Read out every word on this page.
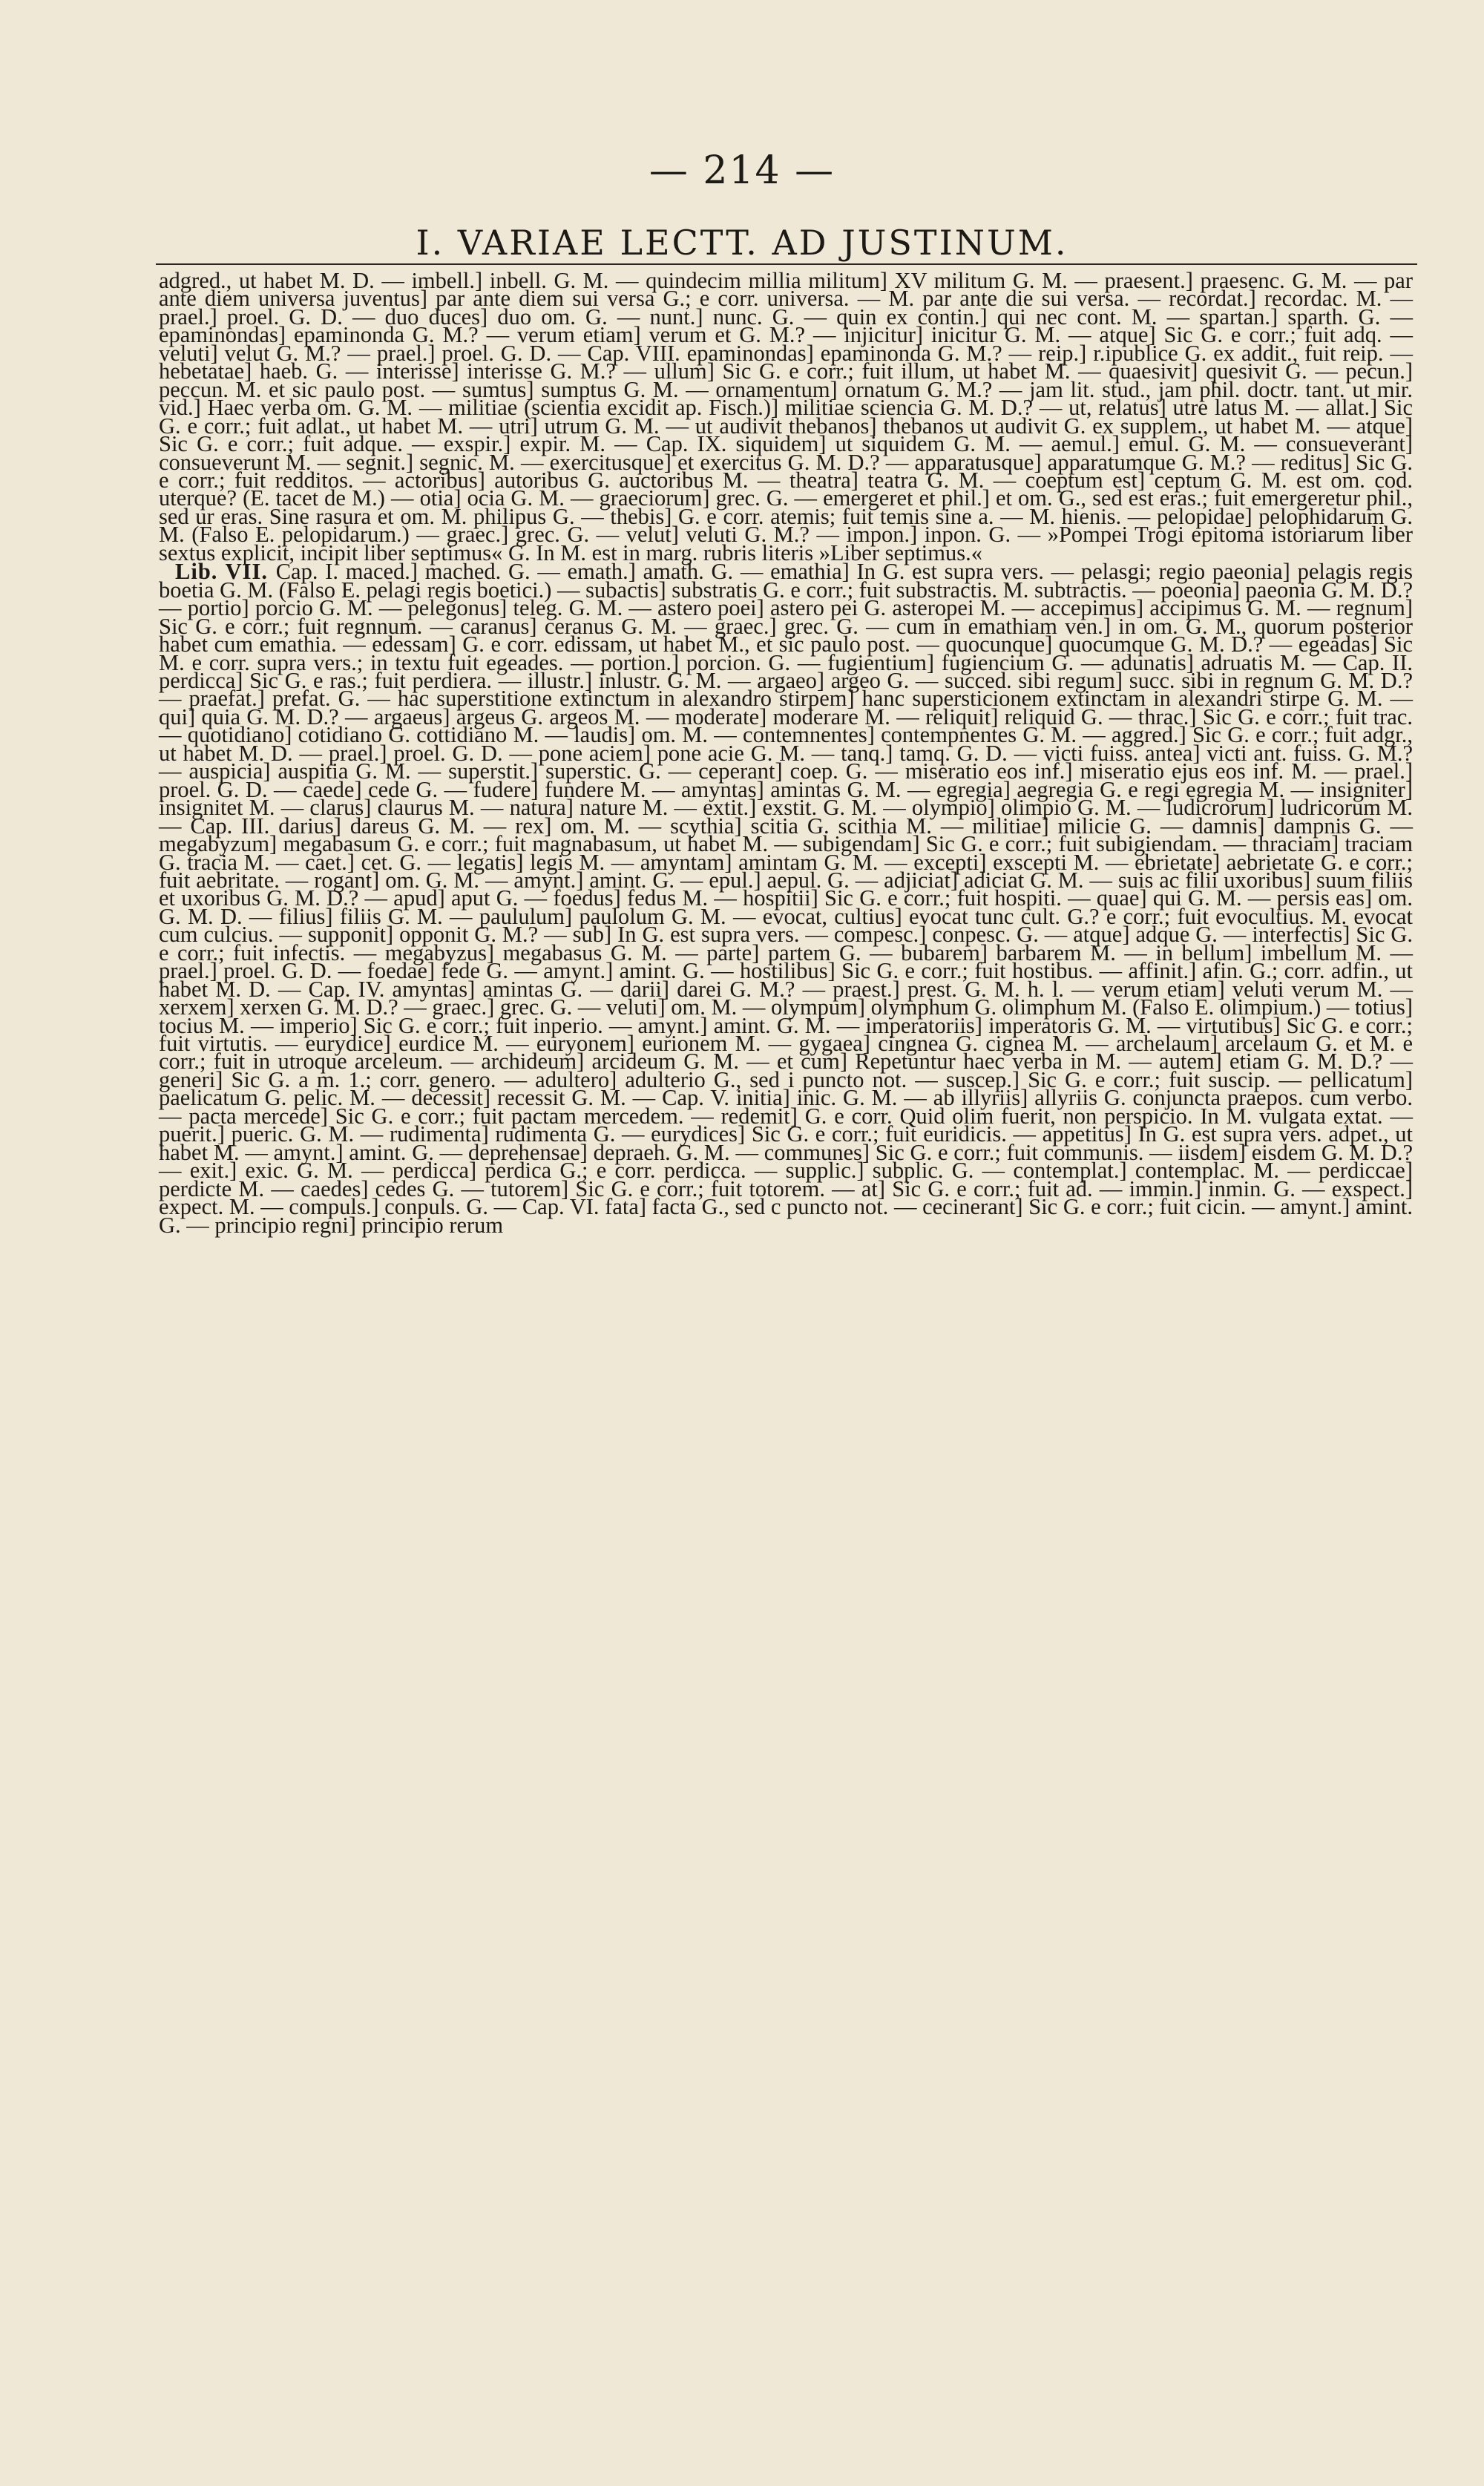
— 214 —
I. VARIAE LECTT. AD JUSTINUM.

adgred., ut habet M. D. — imbell.] inbell. G. M. — quindecim millia militum] XV militum G. M. — praesent.] praesenc. G. M. — par ante diem universa juventus] par ante diem sui versa G.; e corr. universa. — M. par ante die sui versa. — recordat.] recordac. M. — prael.] proel. G. D. — duo duces] duo om. G. — nunt.] nunc. G. — quin ex contin.] qui nec cont. M. — spartan.] sparth. G. — epaminondas] epaminonda G. M.? — verum etiam] verum et G. M.? — injicitur] inicitur G. M. — atque] Sic G. e corr.; fuit adq. — veluti] velut G. M.? — prael.] proel. G. D. — Cap. VIII. epaminondas] epaminonda G. M.? — reip.] r.ipublice G. ex addit., fuit reip. — hebetatae] haeb. G. — interisse] interisse G. M.? — ullum] Sic G. e corr.; fuit illum, ut habet M. — quaesivit] quesivit G. — pecun.] peccun. M. et sic paulo post. — sumtus] sumptus G. M. — ornamentum] ornatum G. M.? — jam lit. stud., jam phil. doctr. tant. ut mir. vid.] Haec verba om. G. M. — militiae (scientia excidit ap. Fisch.)] militiae sciencia G. M. D.? — ut, relatus] utre latus M. — allat.] Sic G. e corr.; fuit adlat., ut habet M. — utri] utrum G. M. — ut audivit thebanos] thebanos ut audivit G. ex supplem., ut habet M. — atque] Sic G. e corr.; fuit adque. — exspir.] expir. M. — Cap. IX. siquidem] ut siquidem G. M. — aemul.] emul. G. M. — consueverant] consueverunt M. — segnit.] segnic. M. — exercitusque] et exercitus G. M. D.? — apparatusque] apparatumque G. M.? — reditus] Sic G. e corr.; fuit redditos. — actoribus] autoribus G. auctoribus M. — theatra] teatra G. M. — coeptum est] ceptum G. M. est om. cod. uterque? (E. tacet de M.) — otia] ocia G. M. — graeciorum] grec. G. — emergeret et phil.] et om. G., sed est eras.; fuit emergeretur phil., sed ur eras. Sine rasura et om. M. philipus G. — thebis] G. e corr. atemis; fuit temis sine a. — M. hienis. — pelopidae] pelophidarum G. M. (Falso E. pelopidarum.) — graec.] grec. G. — velut] veluti G. M.? — impon.] inpon. G. — »Pompei Trogi epitoma istoriarum liber sextus explicit, incipit liber septimus« G. In M. est in marg. rubris literis »Liber septimus.«

Lib. VII. Cap. I. maced.] mached. G. — emath.] amath. G. — emathia] In G. est supra vers. — pelasgi; regio paeonia] pelagis regis boetia G. M. (Falso E. pelagi regis boetici.) — subactis] substratis G. e corr.; fuit substractis. M. subtractis. — poeonia] paeonia G. M. D.? — portio] porcio G. M. — pelegonus] teleg. G. M. — astero poei] astero pei G. asteropei M. — accepimus] accipimus G. M. — regnum] Sic G. e corr.; fuit regnnum. — caranus] ceranus G. M. — graec.] grec. G. — cum in emathiam ven.] in om. G. M., quorum posterior habet cum emathia. — edessam] G. e corr. edissam, ut habet M., et sic paulo post. — quocunque] quocumque G. M. D.? — egeadas] Sic M. e corr. supra vers.; in textu fuit egeades. — portion.] porcion. G. — fugientium] fugiencium G. — adunatis] adruatis M. — Cap. II. perdicca] Sic G. e ras.; fuit perdiera. — illustr.] inlustr. G. M. — argaeo] argeo G. — succed. sibi regum] succ. sibi in regnum G. M. D.? — praefat.] prefat. G. — hac superstitione extinctum in alexandro stirpem] hanc supersticionem extinctam in alexandri stirpe G. M. — qui] quia G. M. D.? — argaeus] argeus G. argeos M. — moderate] moderare M. — reliquit] reliquid G. — thrac.] Sic G. e corr.; fuit trac. — quotidiano] cotidiano G. cottidiano M. — laudis] om. M. — contemnentes] contempnentes G. M. — aggred.] Sic G. e corr.; fuit adgr., ut habet M. D. — prael.] proel. G. D. — pone aciem] pone acie G. M. — tanq.] tamq. G. D. — victi fuiss. antea] victi ant. fuiss. G. M.? — auspicia] auspitia G. M. — superstit.] superstic. G. — ceperant] coep. G. — miseratio eos inf.] miseratio ejus eos inf. M. — prael.] proel. G. D. — caede] cede G. — fudere] fundere M. — amyntas] amintas G. M. — egregia] aegregia G. e regi egregia M. — insigniter] insignitet M. — clarus] claurus M. — natura] nature M. — extit.] exstit. G. M. — olympio] olimpio G. M. — ludicrorum] ludricorum M. — Cap. III. darius] dareus G. M. — rex] om. M. — scythia] scitia G. scithia M. — militiae] milicie G. — damnis] dampnis G. — megabyzum] megabasum G. e corr.; fuit magnabasum, ut habet M. — subigendam] Sic G. e corr.; fuit subigiendam. — thraciam] traciam G. tracia M. — caet.] cet. G. — legatis] legis M. — amyntam] amintam G. M. — excepti] exscepti M. — ebrietate] aebrietate G. e corr.; fuit aebritate. — rogant] om. G. M. — amynt.] amint. G. — epul.] aepul. G. — adjiciat] adiciat G. M. — suis ac filii uxoribus] suum filiis et uxoribus G. M. D.? — apud] aput G. — foedus] fedus M. — hospitii] Sic G. e corr.; fuit hospiti. — quae] qui G. M. — persis eas] om. G. M. D. — filius] filiis G. M. — paululum] paulolum G. M. — evocat, cultius] evocat tunc cult. G.? e corr.; fuit evocultius. M. evocat cum culcius. — supponit] opponit G. M.? — sub] In G. est supra vers. — compesc.] conpesc. G. — atque] adque G. — interfectis] Sic G. e corr.; fuit infectis. — megabyzus] megabasus G. M. — parte] partem G. — bubarem] barbarem M. — in bellum] imbellum M. — prael.] proel. G. D. — foedae] fede G. — amynt.] amint. G. — hostilibus] Sic G. e corr.; fuit hostibus. — affinit.] afin. G.; corr. adfin., ut habet M. D. — Cap. IV. amyntas] amintas G. — darii] darei G. M.? — praest.] prest. G. M. h. l. — verum etiam] veluti verum M. — xerxem] xerxen G. M. D.? — graec.] grec. G. — veluti] om. M. — olympum] olymphum G. olimphum M. (Falso E. olimpium.) — totius] tocius M. — imperio] Sic G. e corr.; fuit inperio. — amynt.] amint. G. M. — imperatoriis] imperatoris G. M. — virtutibus] Sic G. e corr.; fuit virtutis. — eurydice] eurdice M. — euryonem] eurionem M. — gygaea] cingnea G. cignea M. — archelaum] arcelaum G. et M. e corr.; fuit in utroque arceleum. — archideum] arcideum G. M. — et cum] Repetuntur haec verba in M. — autem] etiam G. M. D.? — generi] Sic G. a m. 1.; corr. genero. — adultero] adulterio G., sed i puncto not. — suscep.] Sic G. e corr.; fuit suscip. — pellicatum] paelicatum G. pelic. M. — decessit] recessit G. M. — Cap. V. initia] inic. G. M. — ab illyriis] allyriis G. conjuncta praepos. cum verbo. — pacta mercede] Sic G. e corr.; fuit pactam mercedem. — redemit] G. e corr. Quid olim fuerit, non perspicio. In M. vulgata extat. — puerit.] pueric. G. M. — rudimenta] rudimenta G. — eurydices] Sic G. e corr.; fuit euridicis. — appetitus] In G. est supra vers. adpet., ut habet M. — amynt.] amint. G. — deprehensae] depraeh. G. M. — communes] Sic G. e corr.; fuit communis. — iisdem] eisdem G. M. D.? — exit.] exic. G. M. — perdicca] perdica G.; e corr. perdicca. — supplic.] subplic. G. — contemplat.] contemplac. M. — perdiccae] perdicte M. — caedes] cedes G. — tutorem] Sic G. e corr.; fuit totorem. — at] Sic G. e corr.; fuit ad. — immin.] inmin. G. — exspect.] expect. M. — compuls.] conpuls. G. — Cap. VI. fata] facta G., sed c puncto not. — cecinerant] Sic G. e corr.; fuit cicin. — amynt.] amint. G. — principio regni] principio rerum
